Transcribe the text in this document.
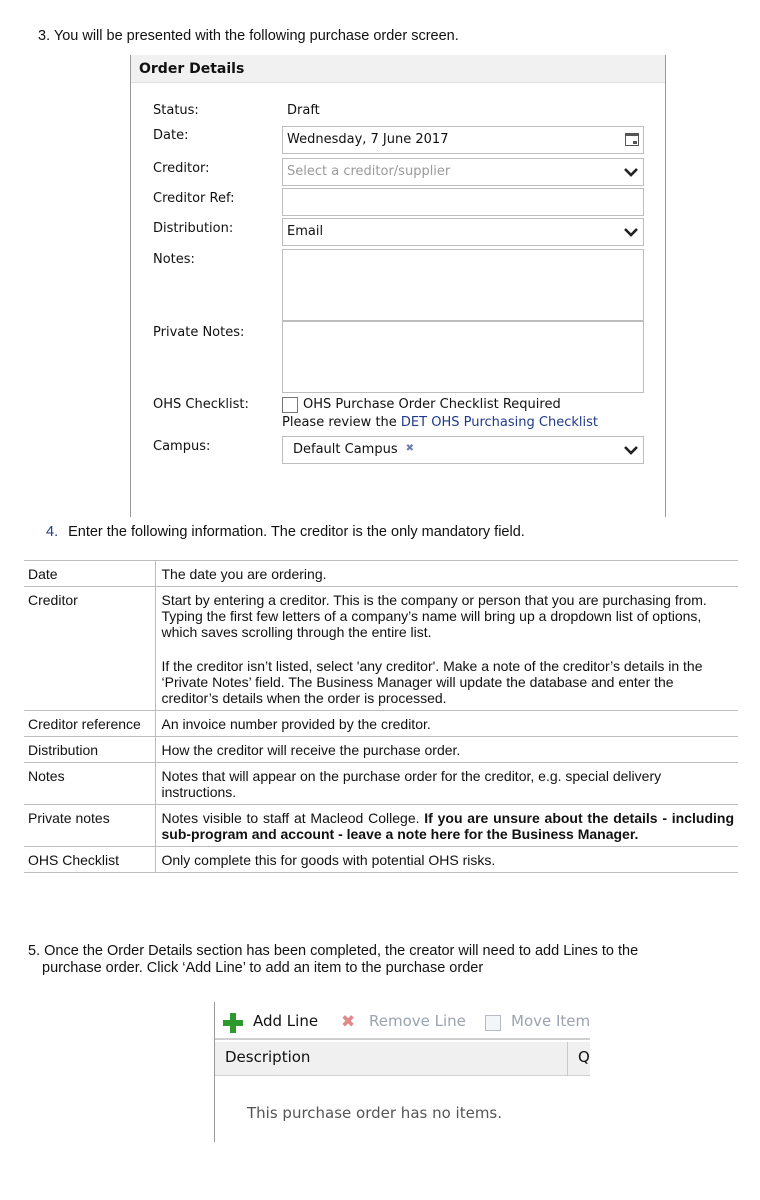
3. You will be presented with the following purchase order screen.
Order Details
Status:	Draft
Date:	Wednesday, 7 June 2017
Creditor:	Select a creditor/supplier
Creditor Ref:
Distribution:	Email
Notes:
Private Notes:
OHS Checklist:	OHS Purchase Order Checklist Required
Please review the DET OHS Purchasing Checklist
Campus:	Default Campus ✖
4. Enter the following information. The creditor is the only mandatory field.
Date	The date you are ordering.
Creditor	Start by entering a creditor. This is the company or person that you are purchasing from. Typing the first few letters of a company’s name will bring up a dropdown list of options, which saves scrolling through the entire list.

If the creditor isn’t listed, select 'any creditor'. Make a note of the creditor’s details in the ‘Private Notes’ field. The Business Manager will update the database and enter the creditor’s details when the order is processed.

Creditor reference	An invoice number provided by the creditor.
Distribution	How the creditor will receive the purchase order.
Notes	Notes that will appear on the purchase order for the creditor, e.g. special delivery instructions.
Private notes	Notes visible to staff at Macleod College. If you are unsure about the details - including sub-program and account - leave a note here for the Business Manager.
OHS Checklist	Only complete this for goods with potential OHS risks.
5. Once the Order Details section has been completed, the creator will need to add Lines to the
purchase order. Click ‘Add Line’ to add an item to the purchase order
Add Line ✖ Remove Line	Move Item
Description	Q
This purchase order has no items.
